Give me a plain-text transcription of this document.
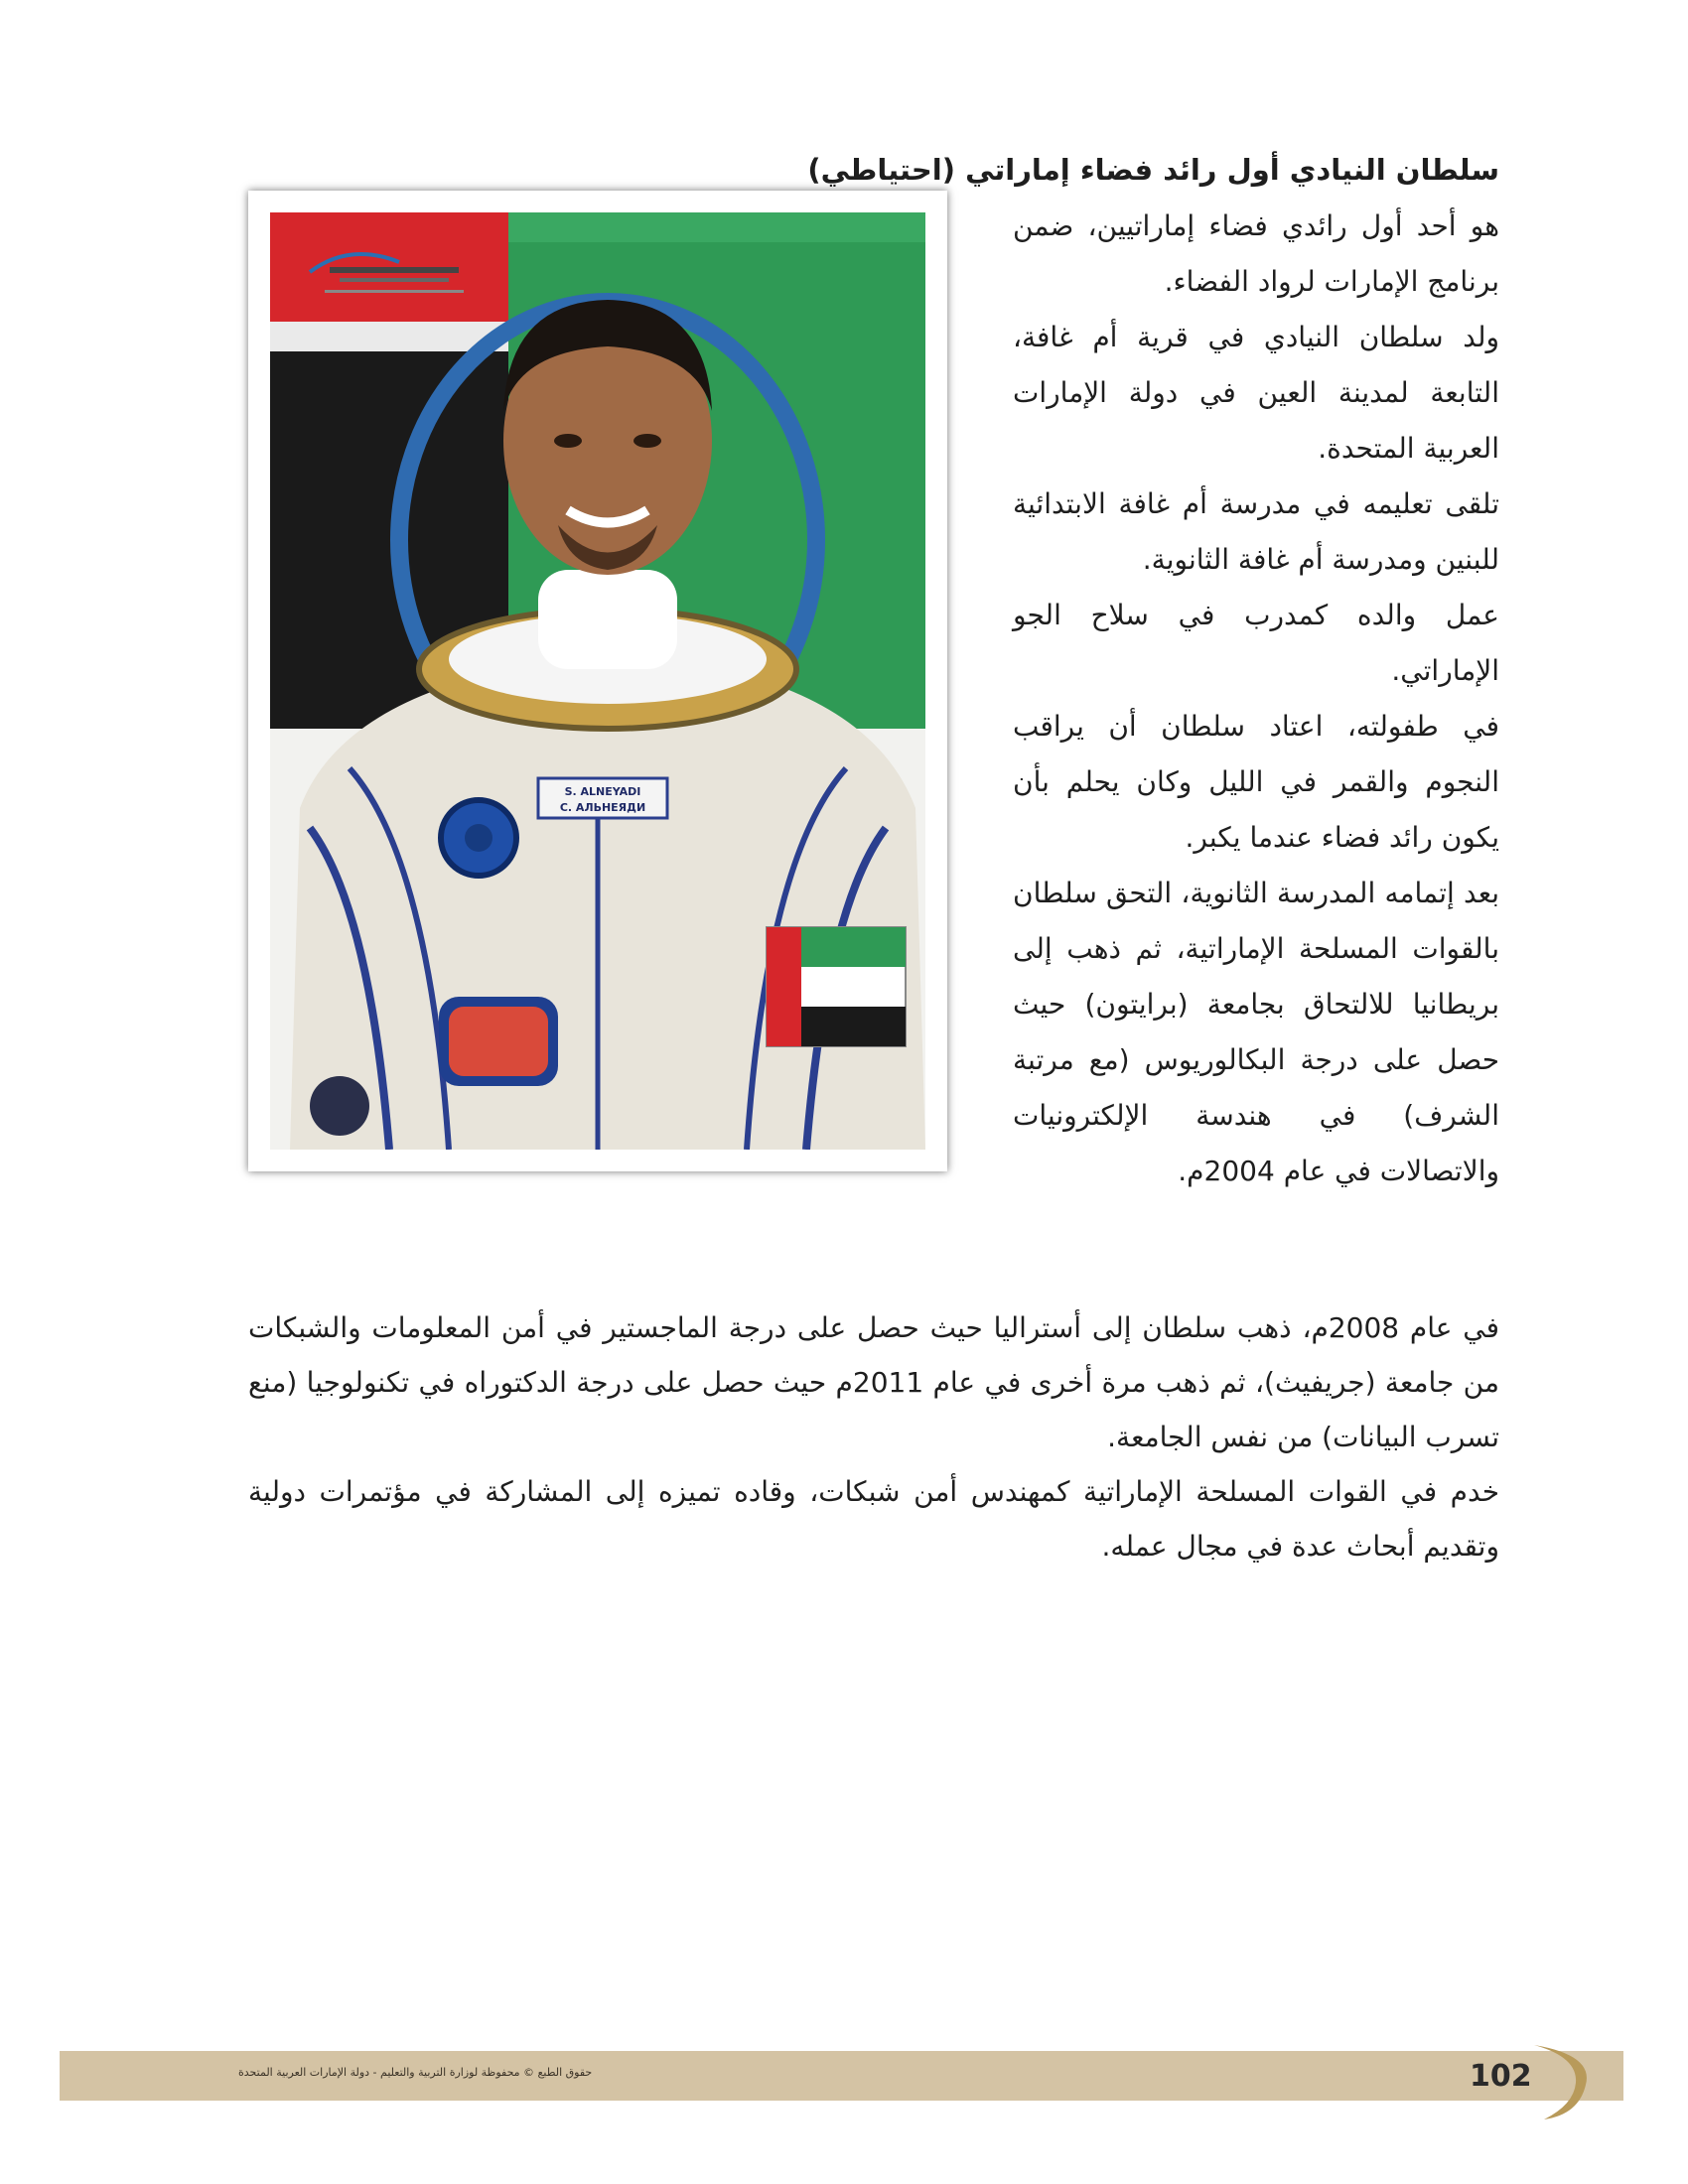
سلطان النيادي أول رائد فضاء إماراتي (احتياطي)
S. ALNEYADI
С. АЛЬНЕЯДИ

هو أحد أول رائدي فضاء إماراتيين، ضمن برنامج الإمارات لرواد الفضاء.

ولد سلطان النيادي في قرية أم غافة، التابعة لمدينة العين في دولة الإمارات العربية المتحدة.

تلقى تعليمه في مدرسة أم غافة الابتدائية للبنين ومدرسة أم غافة الثانوية.

عمل والده كمدرب في سلاح الجو الإماراتي.

في طفولته، اعتاد سلطان أن يراقب النجوم والقمر في الليل وكان يحلم بأن يكون رائد فضاء عندما يكبر.

بعد إتمامه المدرسة الثانوية، التحق سلطان بالقوات المسلحة الإماراتية، ثم ذهب إلى بريطانيا للالتحاق بجامعة (برايتون) حيث حصل على درجة البكالوريوس (مع مرتبة الشرف) في هندسة الإلكترونيات والاتصالات في عام 2004م.

في عام 2008م، ذهب سلطان إلى أستراليا حيث حصل على درجة الماجستير في أمن المعلومات والشبكات من جامعة (جريفيث)، ثم ذهب مرة أخرى في عام 2011م حيث حصل على درجة الدكتوراه في تكنولوجيا (منع تسرب البيانات) من نفس الجامعة.

خدم في القوات المسلحة الإماراتية كمهندس أمن شبكات، وقاده تميزه إلى المشاركة في مؤتمرات دولية وتقديم أبحاث عدة في مجال عمله.

حقوق الطبع © محفوظة لوزارة التربية والتعليم - دولة الإمارات العربية المتحدة	102
